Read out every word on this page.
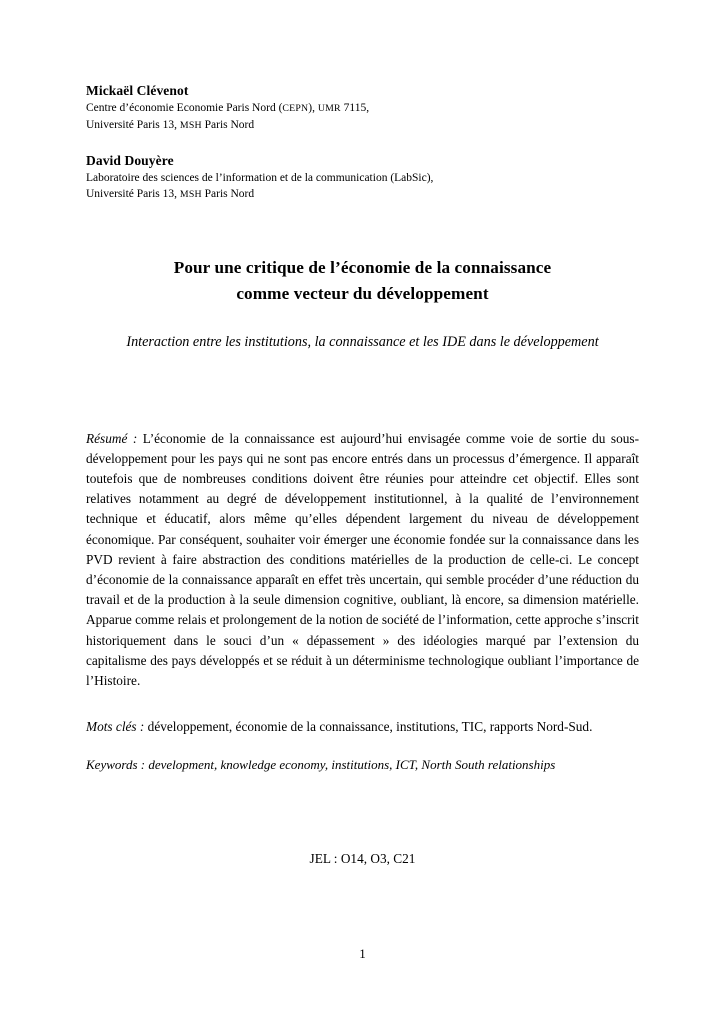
Mickaël Clévenot
Centre d’économie Economie Paris Nord (CEPN), UMR 7115,
Université Paris 13, MSH Paris Nord
David Douyère
Laboratoire des sciences de l’information et de la communication (LabSic),
Université Paris 13, MSH Paris Nord
Pour une critique de l’économie de la connaissance
comme vecteur du développement
Interaction entre les institutions, la connaissance et les IDE dans le développement
Résumé : L’économie de la connaissance est aujourd’hui envisagée comme voie de sortie du sous-développement pour les pays qui ne sont pas encore entrés dans un processus d’émergence. Il apparaît toutefois que de nombreuses conditions doivent être réunies pour atteindre cet objectif. Elles sont relatives notamment au degré de développement institutionnel, à la qualité de l’environnement technique et éducatif, alors même qu’elles dépendent largement du niveau de développement économique. Par conséquent, souhaiter voir émerger une économie fondée sur la connaissance dans les PVD revient à faire abstraction des conditions matérielles de la production de celle-ci. Le concept d’économie de la connaissance apparaît en effet très uncertain, qui semble procéder d’une réduction du travail et de la production à la seule dimension cognitive, oubliant, là encore, sa dimension matérielle. Apparue comme relais et prolongement de la notion de société de l’information, cette approche s’inscrit historiquement dans le souci d’un « dépassement » des idéologies marqué par l’extension du capitalisme des pays développés et se réduit à un déterminisme technologique oubliant l’importance de l’Histoire.
Mots clés : développement, économie de la connaissance, institutions, TIC, rapports Nord-Sud.
Keywords : development, knowledge economy, institutions, ICT, North South relationships
JEL : O14, O3, C21
1
